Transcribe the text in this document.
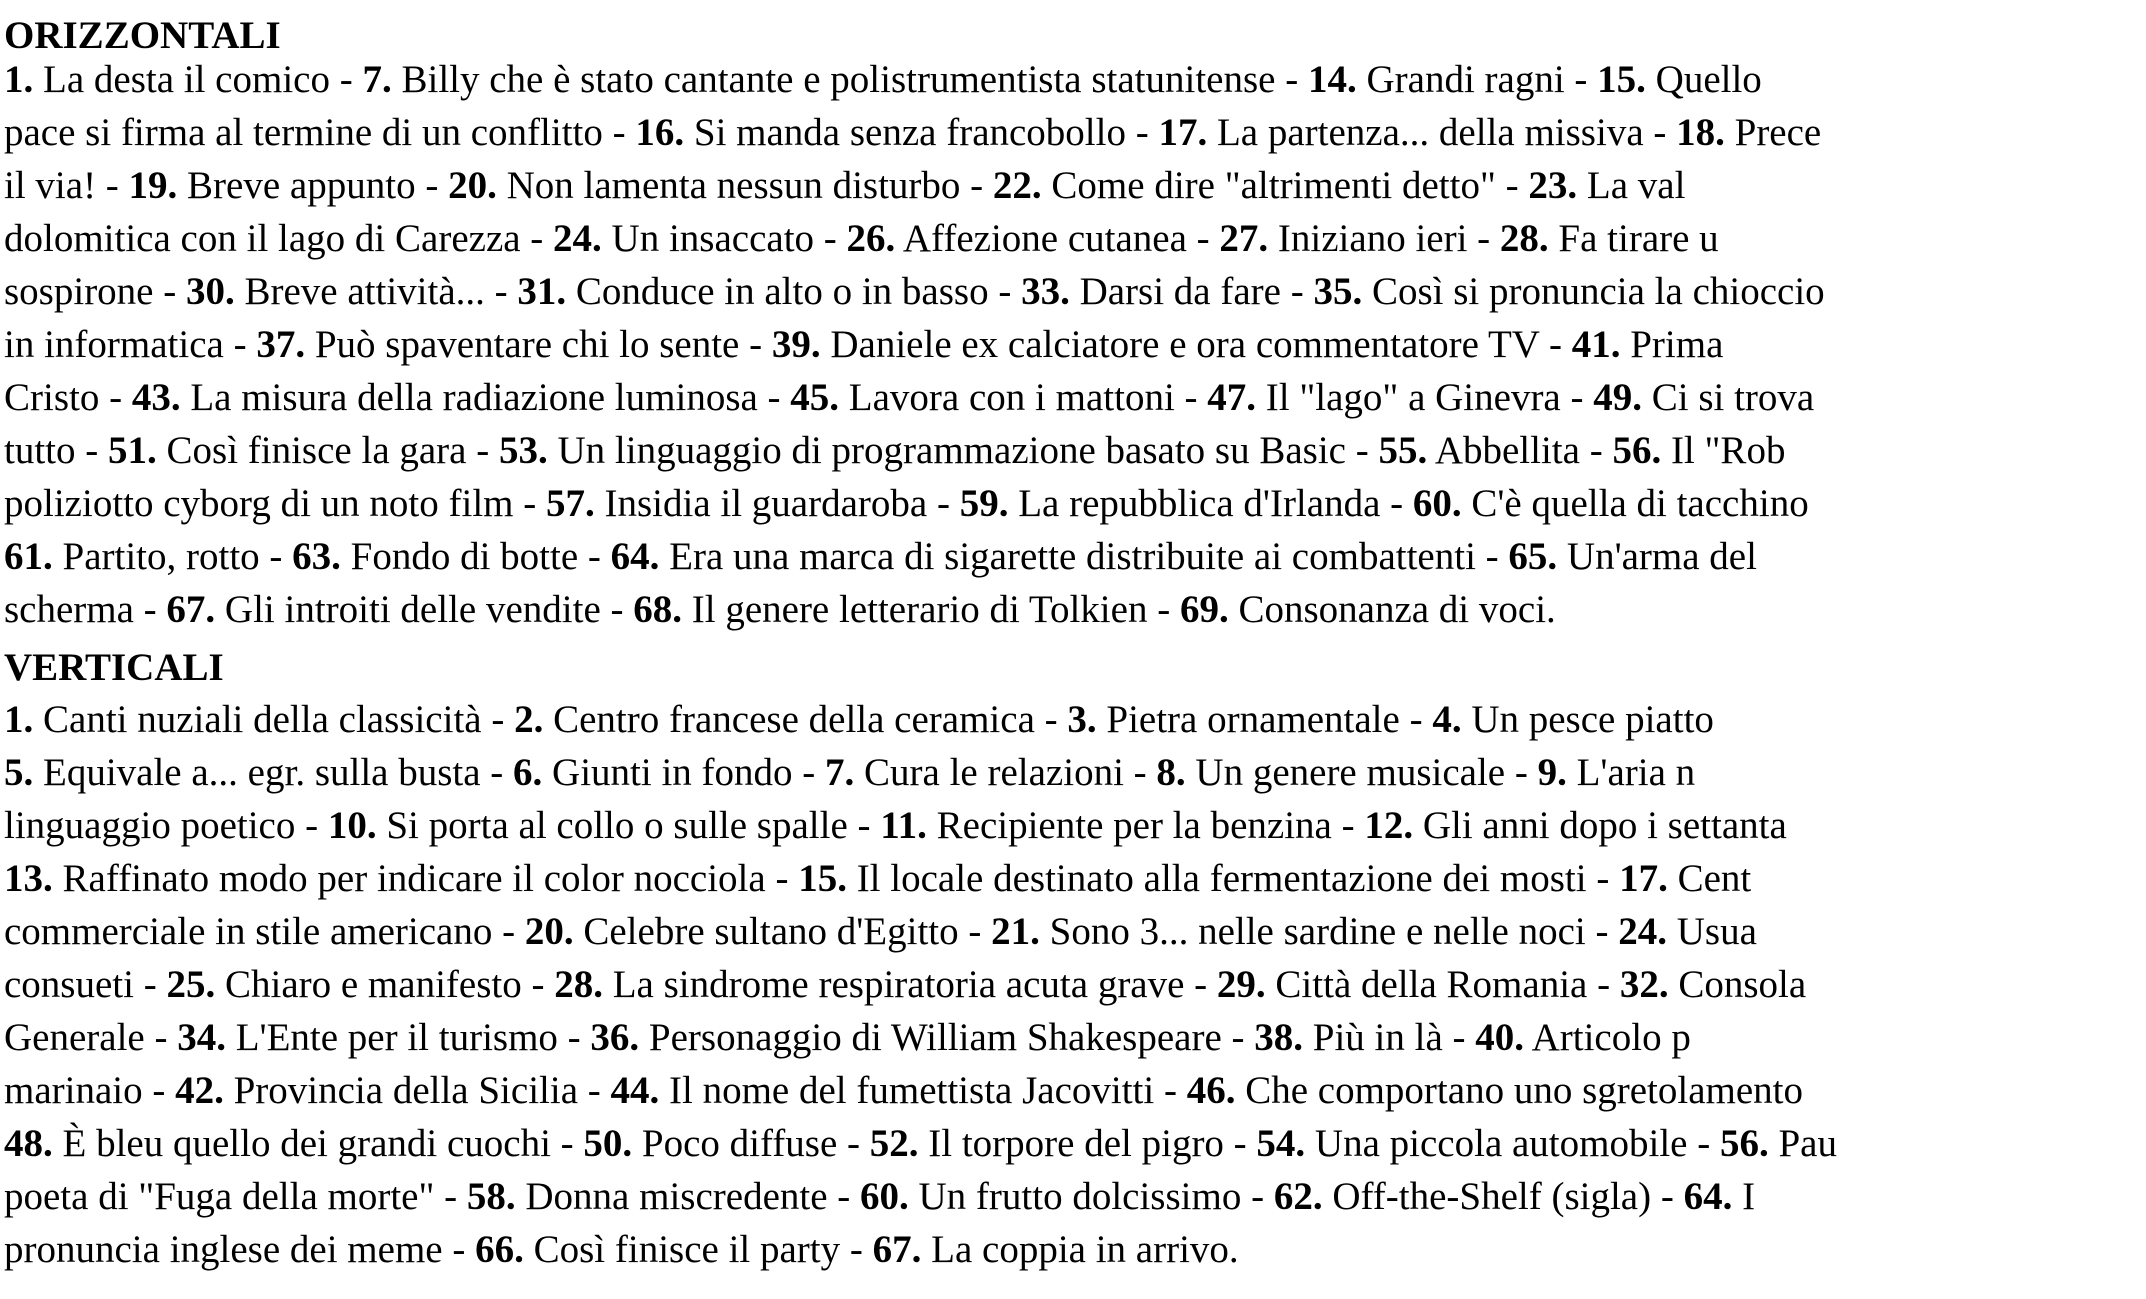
ORIZZONTALI
1. La desta il comico - 7. Billy che è stato cantante e polistrumentista statunitense - 14. Grandi ragni - 15. Quello
pace si firma al termine di un conflitto - 16. Si manda senza francobollo - 17. La partenza... della missiva - 18. Prece
il via! - 19. Breve appunto - 20. Non lamenta nessun disturbo - 22. Come dire "altrimenti detto" - 23. La val
dolomitica con il lago di Carezza - 24. Un insaccato - 26. Affezione cutanea - 27. Iniziano ieri - 28. Fa tirare u
sospirone - 30. Breve attività... - 31. Conduce in alto o in basso - 33. Darsi da fare - 35. Così si pronuncia la chioccio
in informatica - 37. Può spaventare chi lo sente - 39. Daniele ex calciatore e ora commentatore TV - 41. Prima
Cristo - 43. La misura della radiazione luminosa - 45. Lavora con i mattoni - 47. Il "lago" a Ginevra - 49. Ci si trova
tutto - 51. Così finisce la gara - 53. Un linguaggio di programmazione basato su Basic - 55. Abbellita - 56. Il "Rob
poliziotto cyborg di un noto film - 57. Insidia il guardaroba - 59. La repubblica d'Irlanda - 60. C'è quella di tacchino
61. Partito, rotto - 63. Fondo di botte - 64. Era una marca di sigarette distribuite ai combattenti - 65. Un'arma del
scherma - 67. Gli introiti delle vendite - 68. Il genere letterario di Tolkien - 69. Consonanza di voci.
VERTICALI
1. Canti nuziali della classicità - 2. Centro francese della ceramica - 3. Pietra ornamentale - 4. Un pesce piatto
5. Equivale a... egr. sulla busta - 6. Giunti in fondo - 7. Cura le relazioni - 8. Un genere musicale - 9. L'aria n
linguaggio poetico - 10. Si porta al collo o sulle spalle - 11. Recipiente per la benzina - 12. Gli anni dopo i settanta
13. Raffinato modo per indicare il color nocciola - 15. Il locale destinato alla fermentazione dei mosti - 17. Cent
commerciale in stile americano - 20. Celebre sultano d'Egitto - 21. Sono 3... nelle sardine e nelle noci - 24. Usua
consueti - 25. Chiaro e manifesto - 28. La sindrome respiratoria acuta grave - 29. Città della Romania - 32. Consola
Generale - 34. L'Ente per il turismo - 36. Personaggio di William Shakespeare - 38. Più in là - 40. Articolo p
marinaio - 42. Provincia della Sicilia - 44. Il nome del fumettista Jacovitti - 46. Che comportano uno sgretolamento
48. È bleu quello dei grandi cuochi - 50. Poco diffuse - 52. Il torpore del pigro - 54. Una piccola automobile - 56. Pau
poeta di "Fuga della morte" - 58. Donna miscredente - 60. Un frutto dolcissimo - 62. Off-the-Shelf (sigla) - 64. I
pronuncia inglese dei meme - 66. Così finisce il party - 67. La coppia in arrivo.
